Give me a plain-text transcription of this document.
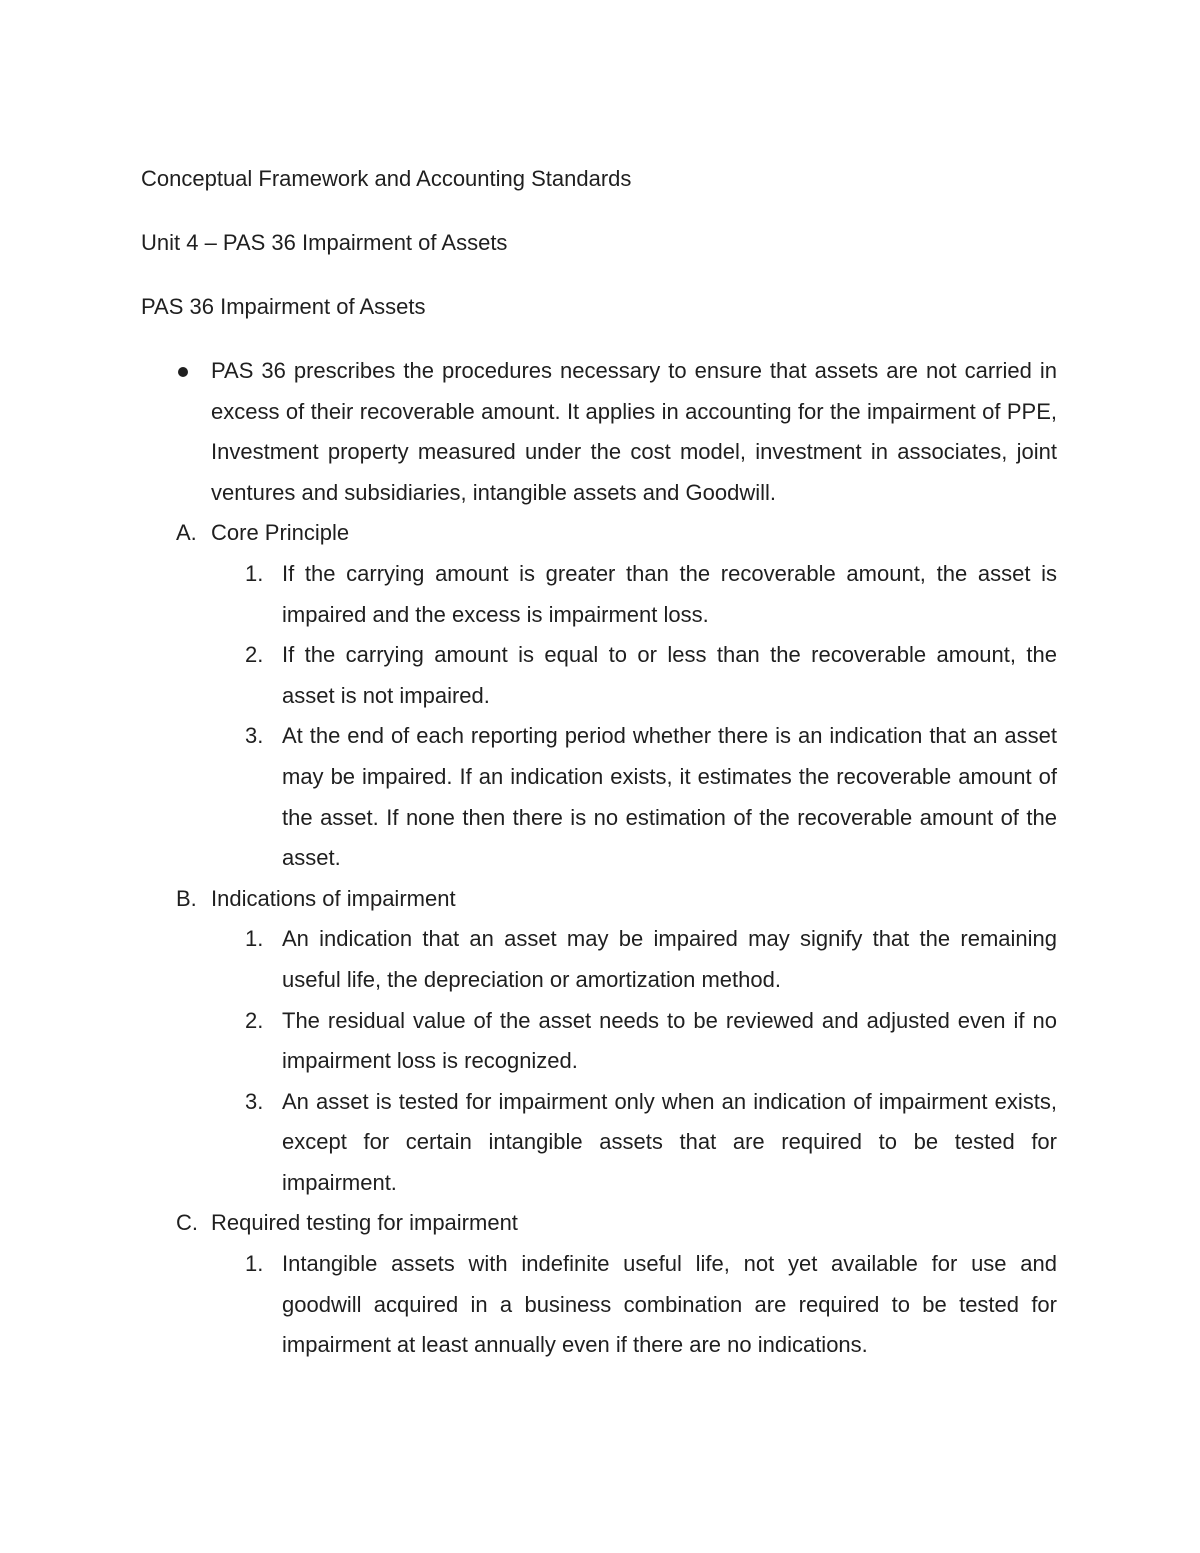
Conceptual Framework and Accounting Standards
Unit 4 – PAS 36 Impairment of Assets
PAS 36 Impairment of Assets
PAS 36 prescribes the procedures necessary to ensure that assets are not carried in excess of their recoverable amount. It applies in accounting for the impairment of PPE, Investment property measured under the cost model, investment in associates, joint ventures and subsidiaries, intangible assets and Goodwill.
A. Core Principle
1. If the carrying amount is greater than the recoverable amount, the asset is impaired and the excess is impairment loss.
2. If the carrying amount is equal to or less than the recoverable amount, the asset is not impaired.
3. At the end of each reporting period whether there is an indication that an asset may be impaired. If an indication exists, it estimates the recoverable amount of the asset. If none then there is no estimation of the recoverable amount of the asset.
B. Indications of impairment
1. An indication that an asset may be impaired may signify that the remaining useful life, the depreciation or amortization method.
2. The residual value of the asset needs to be reviewed and adjusted even if no impairment loss is recognized.
3. An asset is tested for impairment only when an indication of impairment exists, except for certain intangible assets that are required to be tested for impairment.
C. Required testing for impairment
1. Intangible assets with indefinite useful life, not yet available for use and goodwill acquired in a business combination are required to be tested for impairment at least annually even if there are no indications.
